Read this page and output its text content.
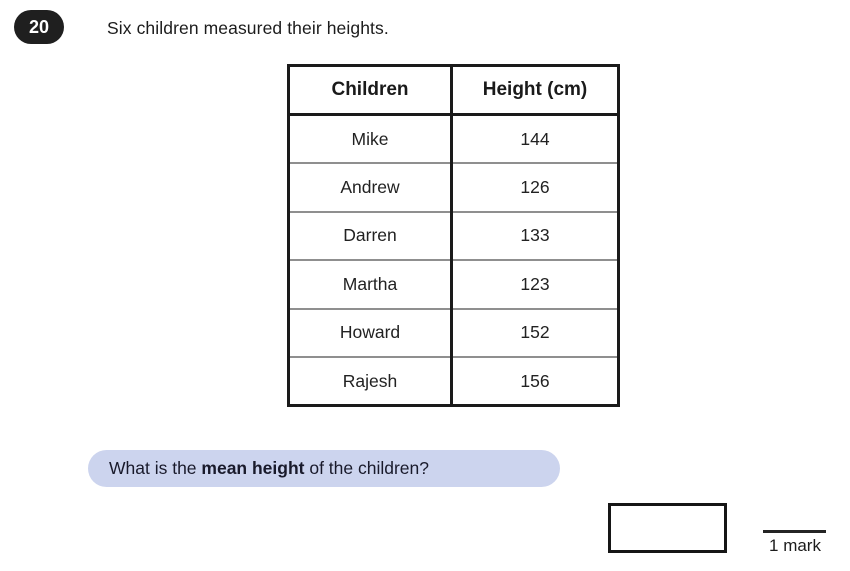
20	Six children measured their heights.
Children	Height (cm)
Mike	144
Andrew	126
Darren	133
Martha	123
Howard	152
Rajesh	156
What is the mean height of the children?
1 mark
